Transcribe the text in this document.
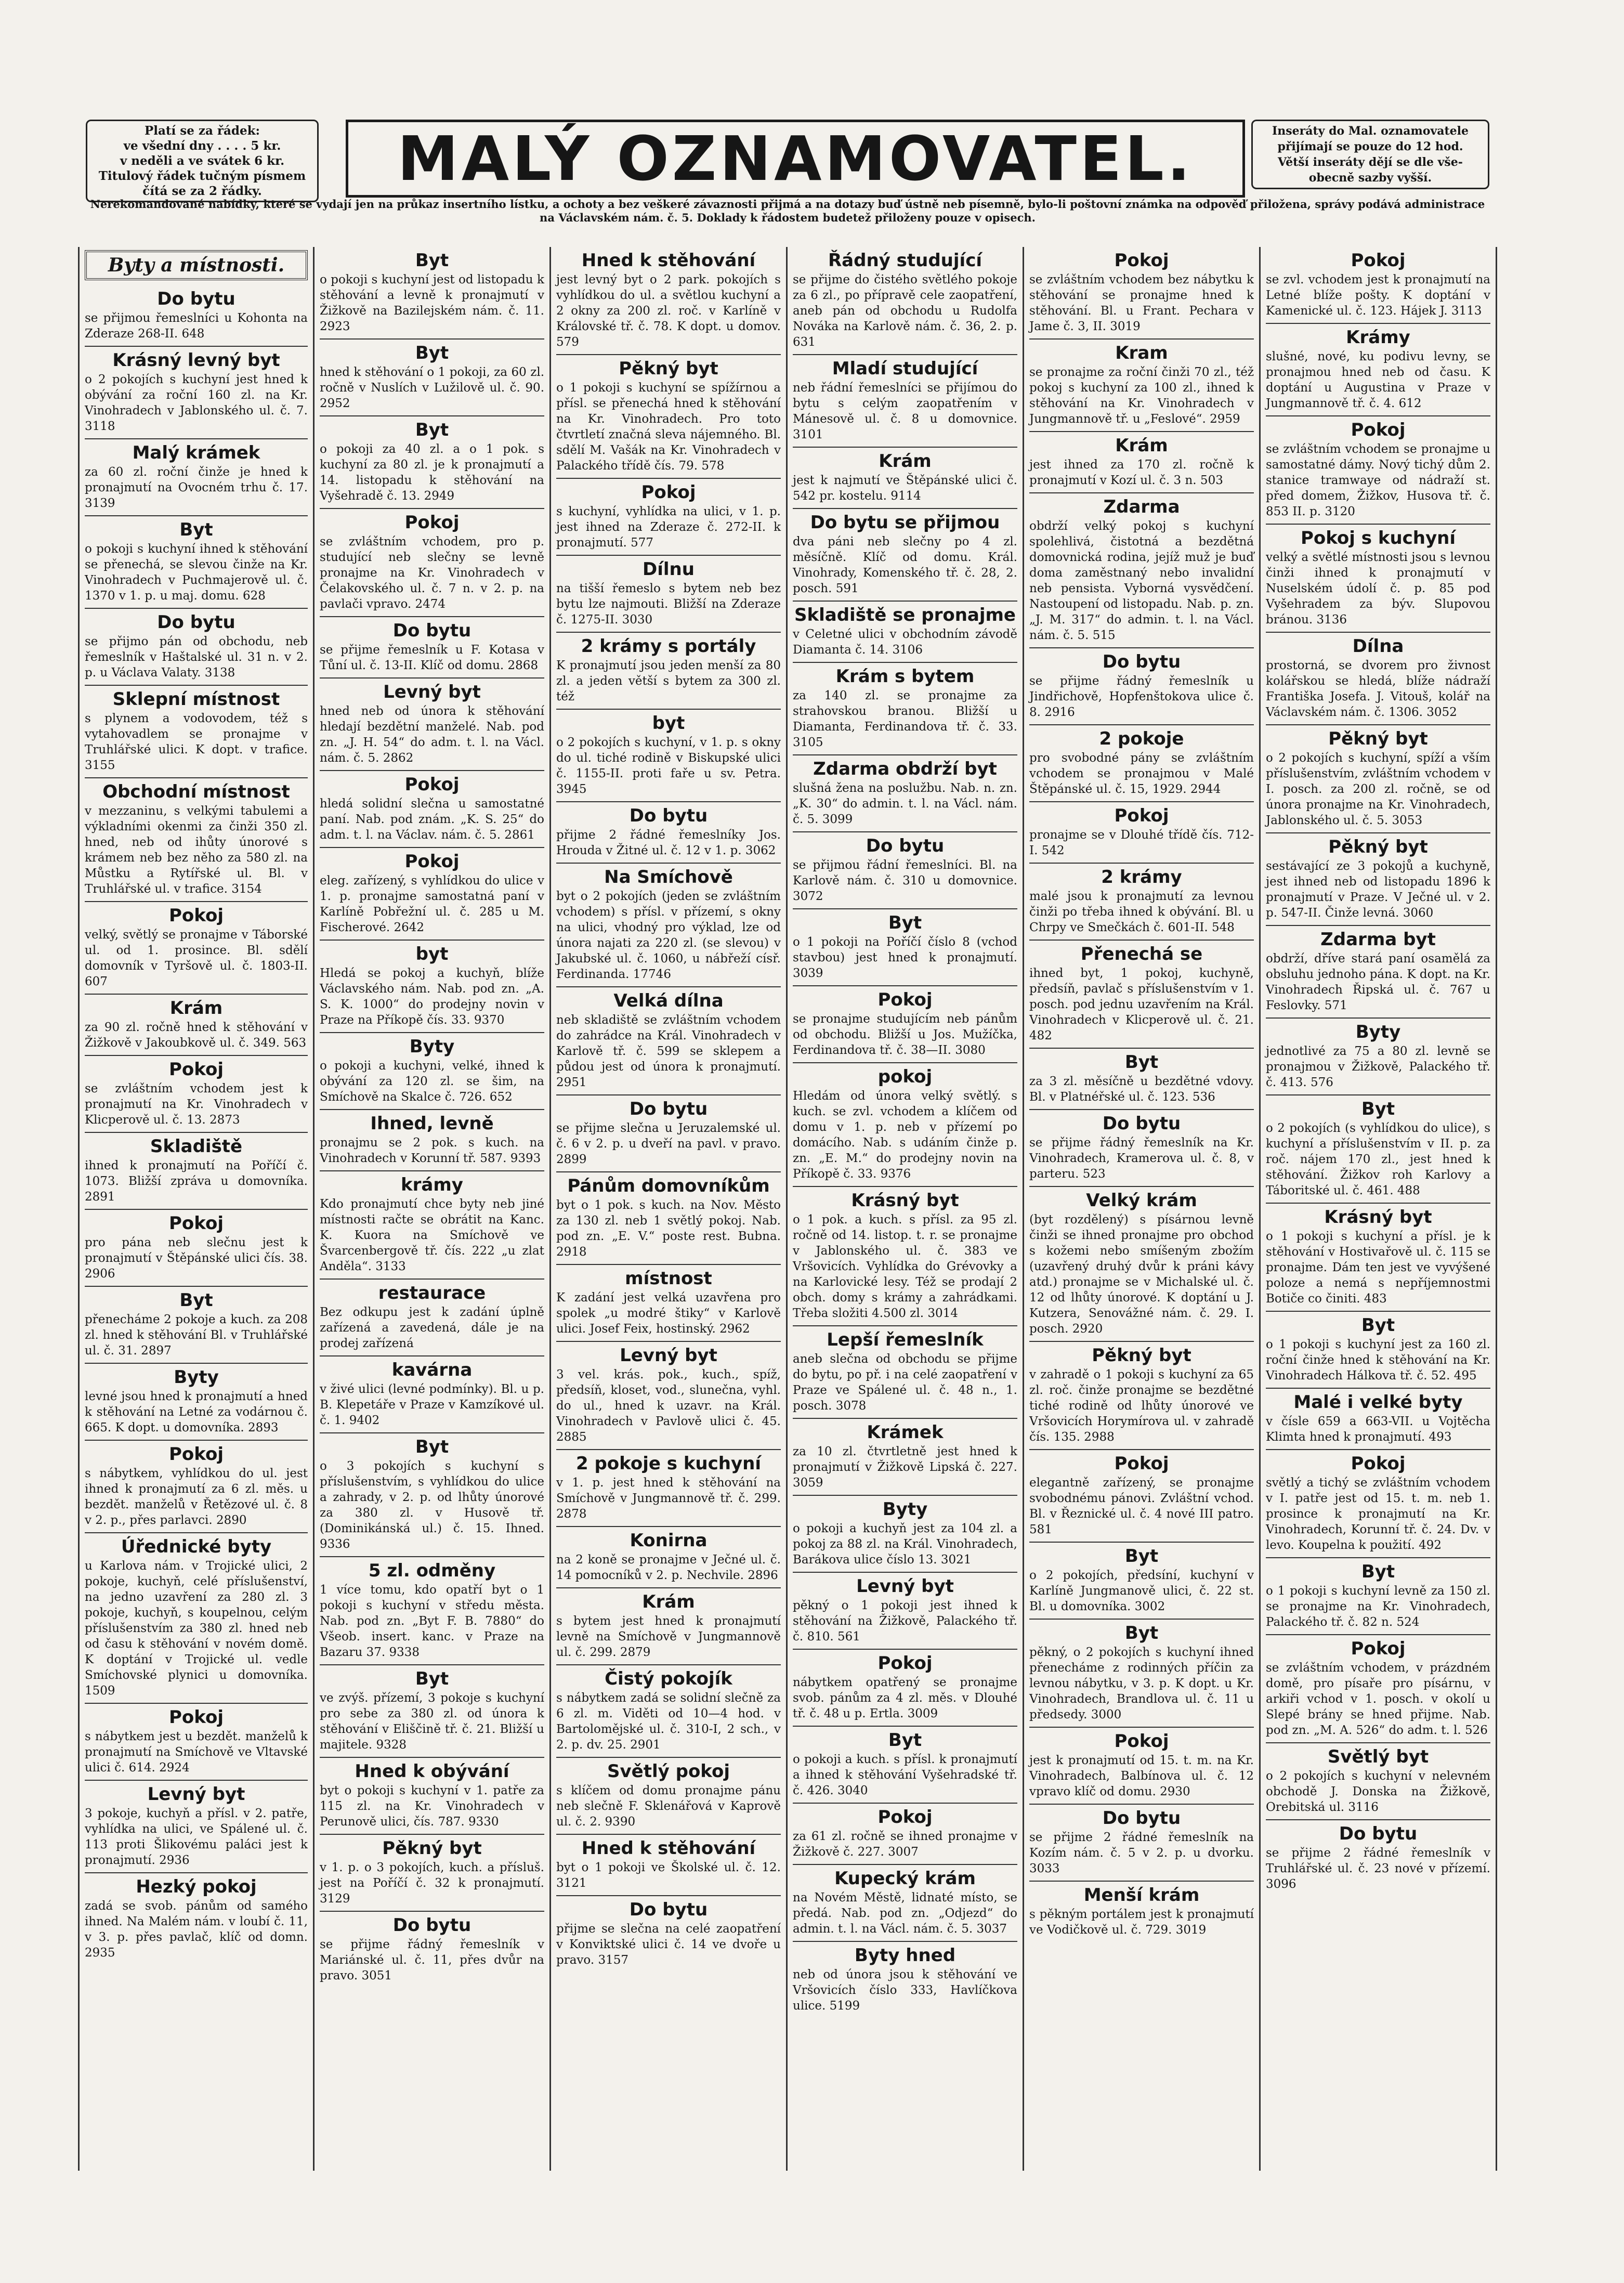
Platí se za řádek:
ve všední dny . . . . 5 kr.
v neděli a ve svátek 6 kr.
Titulový řádek tučným písmem
čítá se za 2 řádky.	MALÝ OZNAMOVATEL.	Inseráty do Mal. oznamovatele
přijímají se pouze do 12 hod.
Větší inseráty dějí se dle vše-
obecně sazby vyšší.
Nerekomandované nabídky, které se vydají jen na průkaz insertního lístku, a ochoty a bez veškeré závaznosti přijmá a na dotazy buď ústně neb písemně, bylo-li poštovní známka na odpověď přiložena, správy podává administrace na Václavském nám. č. 5. Doklady k řádostem budetež přiloženy pouze v opisech.
Byty a místnosti.
Do bytu
se přijmou řemeslníci u Kohonta na Zderaze 268-II. 648
Krásný levný byt
o 2 pokojích s kuchyní jest hned k obývání za roční 160 zl. na Kr. Vinohradech v Jablonského ul. č. 7. 3118
Malý krámek
za 60 zl. roční činže je hned k pronajmutí na Ovocném trhu č. 17. 3139
Byt
o pokoji s kuchyní ihned k stěhování se přenechá, se slevou činže na Kr. Vinohradech v Puchmajerově ul. č. 1370 v 1. p. u maj. domu. 628
Do bytu
se přijmo pán od obchodu, neb řemeslník v Haštalské ul. 31 n. v 2. p. u Václava Valaty. 3138
Sklepní místnost
s plynem a vodovodem, též s vytahovadlem se pronajme v Truhlářské ulici. K dopt. v trafice. 3155
Obchodní místnost
v mezzaninu, s velkými tabulemi a výkladními okenmi za činži 350 zl. hned, neb od ihůty únorové s krámem neb bez něho za 580 zl. na Můstku a Rytířské ul. Bl. v Truhlářské ul. v trafice. 3154
Pokoj
velký, světlý se pronajme v Táborské ul. od 1. prosince. Bl. sdělí domovník v Tyršově ul. č. 1803-II. 607
Krám
za 90 zl. ročně hned k stěhování v Žižkově v Jakoubkově ul. č. 349. 563
Pokoj
se zvláštním vchodem jest k pronajmutí na Kr. Vinohradech v Klicperově ul. č. 13. 2873
Skladiště
ihned k pronajmutí na Poříčí č. 1073. Bližší zpráva u domovníka. 2891
Pokoj
pro pána neb slečnu jest k pronajmutí v Štěpánské ulici čís. 38. 2906
Byt
přenecháme 2 pokoje a kuch. za 208 zl. hned k stěhování Bl. v Truhlářské ul. č. 31. 2897
Byty
levné jsou hned k pronajmutí a hned k stěhování na Letné za vodárnou č. 665. K dopt. u domovníka. 2893
Pokoj
s nábytkem, vyhlídkou do ul. jest ihned k pronajmutí za 6 zl. měs. u bezdět. manželů v Řetězové ul. č. 8 v 2. p., přes parlavci. 2890
Úřednické byty
u Karlova nám. v Trojické ulici, 2 pokoje, kuchyň, celé příslušenství, na jedno uzavření za 280 zl. 3 pokoje, kuchyň, s koupelnou, celým příslušenstvím za 380 zl. hned neb od času k stěhování v novém domě. K doptání v Trojické ul. vedle Smíchovské plynici u domovníka. 1509
Pokoj
s nábytkem jest u bezdět. manželů k pronajmutí na Smíchově ve Vltavské ulici č. 614. 2924
Levný byt
3 pokoje, kuchyň a přísl. v 2. patře, vyhlídka na ulici, ve Spálené ul. č. 113 proti Šlikovému paláci jest k pronajmutí. 2936
Hezký pokoj
zadá se svob. pánům od samého ihned. Na Malém nám. v loubí č. 11, v 3. p. přes pavlač, klíč od domn. 2935
Byt
o pokoji s kuchyní jest od listopadu k stěhování a levně k pronajmutí v Žižkově na Bazilejském nám. č. 11. 2923
Byt
hned k stěhování o 1 pokoji, za 60 zl. ročně v Nuslích v Lužilově ul. č. 90. 2952
Byt
o pokoji za 40 zl. a o 1 pok. s kuchyní za 80 zl. je k pronajmutí a 14. listopadu k stěhování na Vyšehradě č. 13. 2949
Pokoj
se zvláštním vchodem, pro p. studující neb slečny se levně pronajme na Kr. Vinohradech v Čelakovského ul. č. 7 n. v 2. p. na pavlači vpravo. 2474
Do bytu
se přijme řemeslník u F. Kotasa v Tůní ul. č. 13-II. Klíč od domu. 2868
Levný byt
hned neb od února k stěhování hledají bezdětní manželé. Nab. pod zn. „J. H. 54“ do adm. t. l. na Václ. nám. č. 5. 2862
Pokoj
hledá solidní slečna u samostatné paní. Nab. pod znám. „K. S. 25“ do adm. t. l. na Václav. nám. č. 5. 2861
Pokoj
eleg. zařízený, s vyhlídkou do ulice v 1. p. pronajme samostatná paní v Karlíně Pobřežní ul. č. 285 u M. Fischerové. 2642
byt
Hledá se pokoj a kuchyň, blíže Václavského nám. Nab. pod zn. „A. S. K. 1000“ do prodejny novin v Praze na Příkopě čís. 33. 9370
Byty
o pokoji a kuchyni, velké, ihned k obývání za 120 zl. se šim, na Smíchově na Skalce č. 726. 652
Ihned, levně
pronajmu se 2 pok. s kuch. na Vinohradech v Korunní tř. 587. 9393
krámy
Kdo pronajmutí chce byty neb jiné místnosti račte se obrátit na Kanc. K. Kuora na Smíchově ve Švarcenbergově tř. čís. 222 „u zlat Anděla“. 3133
restaurace
Bez odkupu jest k zadání úplně zařízená a zavedená, dále je na prodej zařízená
kavárna
v živé ulici (levné podmínky). Bl. u p. B. Klepetáře v Praze v Kamzíkové ul. č. 1. 9402
Byt
o 3 pokojích s kuchyní s příslušenstvím, s vyhlídkou do ulice a zahrady, v 2. p. od lhůty únorové za 380 zl. v Husově tř. (Dominikánská ul.) č. 15. Ihned. 9336
5 zl. odměny
1 více tomu, kdo opatří byt o 1 pokoji s kuchyní v středu města. Nab. pod zn. „Byt F. B. 7880“ do Všeob. insert. kanc. v Praze na Bazaru 37. 9338
Byt
ve zvýš. přízemí, 3 pokoje s kuchyní pro sebe za 380 zl. od února k stěhování v Eliščině tř. č. 21. Bližší u majitele. 9328
Hned k obývání
byt o pokoji s kuchyní v 1. patře za 115 zl. na Kr. Vinohradech v Perunově ulici, čís. 787. 9330
Pěkný byt
v 1. p. o 3 pokojích, kuch. a přísluš. jest na Poříčí č. 32 k pronajmutí. 3129
Do bytu
se přijme řádný řemeslník v Mariánské ul. č. 11, přes dvůr na pravo. 3051
Hned k stěhování
jest levný byt o 2 park. pokojích s vyhlídkou do ul. a světlou kuchyní a 2 okny za 200 zl. roč. v Karlíně v Královské tř. č. 78. K dopt. u domov. 579
Pěkný byt
o 1 pokoji s kuchyní se spížírnou a přísl. se přenechá hned k stěhování na Kr. Vinohradech. Pro toto čtvrtletí značná sleva nájemného. Bl. sdělí M. Vašák na Kr. Vinohradech v Palackého třídě čís. 79. 578
Pokoj
s kuchyní, vyhlídka na ulici, v 1. p. jest ihned na Zderaze č. 272-II. k pronajmutí. 577
Dílnu
na tišší řemeslo s bytem neb bez bytu lze najmouti. Bližší na Zderaze č. 1275-II. 3030
2 krámy s portály
K pronajmutí jsou jeden menší za 80 zl. a jeden větší s bytem za 300 zl. též
byt
o 2 pokojích s kuchyní, v 1. p. s okny do ul. tiché rodině v Biskupské ulici č. 1155-II. proti faře u sv. Petra. 3945
Do bytu
přijme 2 řádné řemeslníky Jos. Hrouda v Žitné ul. č. 12 v 1. p. 3062
Na Smíchově
byt o 2 pokojích (jeden se zvláštním vchodem) s přísl. v přízemí, s okny na ulici, vhodný pro výklad, lze od února najati za 220 zl. (se slevou) v Jakubské ul. č. 1060, u nábřeží císř. Ferdinanda. 17746
Velká dílna
neb skladiště se zvláštním vchodem do zahrádce na Král. Vinohradech v Karlově tř. č. 599 se sklepem a půdou jest od února k pronajmutí. 2951
Do bytu
se přijme slečna u Jeruzalemské ul. č. 6 v 2. p. u dveří na pavl. v pravo. 2899
Pánům domovníkům
byt o 1 pok. s kuch. na Nov. Město za 130 zl. neb 1 světlý pokoj. Nab. pod zn. „E. V.“ poste rest. Bubna. 2918
místnost
K zadání jest velká uzavřena pro spolek „u modré štiky“ v Karlově ulici. Josef Feix, hostinský. 2962
Levný byt
3 vel. krás. pok., kuch., spíž, předsíň, kloset, vod., slunečna, vyhl. do ul., hned k uzavr. na Král. Vinohradech v Pavlově ulici č. 45. 2885
2 pokoje s kuchyní
v 1. p. jest hned k stěhování na Smíchově v Jungmannově tř. č. 299. 2878
Konirna
na 2 koně se pronajme v Ječné ul. č. 14 pomocníků v 2. p. Nechvile. 2896
Krám
s bytem jest hned k pronajmutí levně na Smíchově v Jungmannově ul. č. 299. 2879
Čistý pokojík
s nábytkem zadá se solidní slečně za 6 zl. m. Viděti od 10—4 hod. v Bartolomějské ul. č. 310-I, 2 sch., v 2. p. dv. 25. 2901
Světlý pokoj
s klíčem od domu pronajme pánu neb slečně F. Sklenářová v Kaprově ul. č. 2. 9390
Hned k stěhování
byt o 1 pokoji ve Školské ul. č. 12. 3121
Do bytu
přijme se slečna na celé zaopatření v Konviktské ulici č. 14 ve dvoře u pravo. 3157
Řádný studující
se přijme do čistého světlého pokoje za 6 zl., po přípravě cele zaopatření, aneb pán od obchodu u Rudolfa Nováka na Karlově nám. č. 36, 2. p. 631
Mladí studující
neb řádní řemeslníci se přijímou do bytu s celým zaopatřením v Mánesově ul. č. 8 u domovnice. 3101
Krám
jest k najmutí ve Štěpánské ulici č. 542 pr. kostelu. 9114
Do bytu se přijmou
dva páni neb slečny po 4 zl. měsíčně. Klíč od domu. Král. Vinohrady, Komenského tř. č. 28, 2. posch. 591
Skladiště se pronajme
v Celetné ulici v obchodním závodě Diamanta č. 14. 3106
Krám s bytem
za 140 zl. se pronajme za strahovskou branou. Bližší u Diamanta, Ferdinandova tř. č. 33. 3105
Zdarma obdrží byt
slušná žena na poslužbu. Nab. n. zn. „K. 30“ do admin. t. l. na Václ. nám. č. 5. 3099
Do bytu
se přijmou řádní řemeslníci. Bl. na Karlově nám. č. 310 u domovnice. 3072
Byt
o 1 pokoji na Poříčí číslo 8 (vchod stavbou) jest hned k pronajmutí. 3039
Pokoj
se pronajme studujícím neb pánům od obchodu. Bližší u Jos. Mužíčka, Ferdinandova tř. č. 38—II. 3080
pokoj
Hledám od února velký světlý. s kuch. se zvl. vchodem a klíčem od domu v 1. p. neb v přízemí po domácího. Nab. s udáním činže p. zn. „E. M.“ do prodejny novin na Příkopě č. 33. 9376
Krásný byt
o 1 pok. a kuch. s přísl. za 95 zl. ročně od 14. listop. t. r. se pronajme v Jablonského ul. č. 383 ve Vršovicích. Vyhlídka do Grévovky a na Karlovické lesy. Též se prodají 2 obch. domy s krámy a zahrádkami. Třeba složiti 4.500 zl. 3014
Lepší řemeslník
aneb slečna od obchodu se přijme do bytu, po př. i na celé zaopatření v Praze ve Spálené ul. č. 48 n., 1. posch. 3078
Krámek
za 10 zl. čtvrtletně jest hned k pronajmutí v Žižkově Lipská č. 227. 3059
Byty
o pokoji a kuchyň jest za 104 zl. a pokoj za 88 zl. na Král. Vinohradech, Barákova ulice číslo 13. 3021
Levný byt
pěkný o 1 pokoji jest ihned k stěhování na Žižkově, Palackého tř. č. 810. 561
Pokoj
nábytkem opatřený se pronajme svob. pánům za 4 zl. měs. v Dlouhé tř. č. 48 u p. Ertla. 3009
Byt
o pokoji a kuch. s přísl. k pronajmutí a ihned k stěhování Vyšehradské tř. č. 426. 3040
Pokoj
za 61 zl. ročně se ihned pronajme v Žižkově č. 227. 3007
Kupecký krám
na Novém Městě, lidnaté místo, se předá. Nab. pod zn. „Odjezd“ do admin. t. l. na Václ. nám. č. 5. 3037
Byty hned
neb od února jsou k stěhování ve Vršovicích číslo 333, Havlíčkova ulice. 5199
Pokoj
se zvláštním vchodem bez nábytku k stěhování se pronajme hned k stěhování. Bl. u Frant. Pechara v Jame č. 3, II. 3019
Kram
se pronajme za roční činži 70 zl., též pokoj s kuchyní za 100 zl., ihned k stěhování na Kr. Vinohradech v Jungmannově tř. u „Feslové“. 2959
Krám
jest ihned za 170 zl. ročně k pronajmutí v Kozí ul. č. 3 n. 503
Zdarma
obdrží velký pokoj s kuchyní spolehlivá, čistotná a bezdětná domovnická rodina, jejíž muž je buď doma zaměstnaný nebo invalidní neb pensista. Vyborná vysvědčení. Nastoupení od listopadu. Nab. p. zn. „J. M. 317“ do admin. t. l. na Václ. nám. č. 5. 515
Do bytu
se přijme řádný řemeslník u Jindřichově, Hopfenštokova ulice č. 8. 2916
2 pokoje
pro svobodné pány se zvláštním vchodem se pronajmou v Malé Štěpánské ul. č. 15, 1929. 2944
Pokoj
pronajme se v Dlouhé třídě čís. 712-I. 542
2 krámy
malé jsou k pronajmutí za levnou činži po třeba ihned k obývání. Bl. u Chrpy ve Smečkách č. 601-II. 548
Přenechá se
ihned byt, 1 pokoj, kuchyně, předsíň, pavlač s příslušenstvím v 1. posch. pod jednu uzavřením na Král. Vinohradech v Klicperově ul. č. 21. 482
Byt
za 3 zl. měsíčně u bezdětné vdovy. Bl. v Platnéřské ul. č. 123. 536
Do bytu
se přijme řádný řemeslník na Kr. Vinohradech, Kramerova ul. č. 8, v parteru. 523
Velký krám
(byt rozdělený) s písárnou levně činži se ihned pronajme pro obchod s kožemi nebo smíšeným zbožím (uzavřený druhý dvůr k práni kávy atd.) pronajme se v Michalské ul. č. 12 od lhůty únorové. K doptání u J. Kutzera, Senovážné nám. č. 29. I. posch. 2920
Pěkný byt
v zahradě o 1 pokoji s kuchyní za 65 zl. roč. činže pronajme se bezdětné tiché rodině od lhůty únorové ve Vršovicích Horymírova ul. v zahradě čís. 135. 2988
Pokoj
elegantně zařízený, se pronajme svobodnému pánovi. Zvláštní vchod. Bl. v Řeznické ul. č. 4 nové III patro. 581
Byt
o 2 pokojích, předsíní, kuchyní v Karlíně Jungmanově ulici, č. 22 st. Bl. u domovníka. 3002
Byt
pěkný, o 2 pokojích s kuchyní ihned přenecháme z rodinných příčin za levnou nábytku, v 3. p. K dopt. u Kr. Vinohradech, Brandlova ul. č. 11 u předsedy. 3000
Pokoj
jest k pronajmutí od 15. t. m. na Kr. Vinohradech, Balbínova ul. č. 12 vpravo klíč od domu. 2930
Do bytu
se přijme 2 řádné řemeslník na Kozím nám. č. 5 v 2. p. u dvorku. 3033
Menší krám
s pěkným portálem jest k pronajmutí ve Vodičkově ul. č. 729. 3019
Pokoj
se zvl. vchodem jest k pronajmutí na Letné blíže pošty. K doptání v Kamenické ul. č. 123. Hájek J. 3113
Krámy
slušné, nové, ku podivu levny, se pronajmou hned neb od času. K doptání u Augustina v Praze v Jungmannově tř. č. 4. 612
Pokoj
se zvláštním vchodem se pronajme u samostatné dámy. Nový tichý dům 2. stanice tramwaye od nádraží st. před domem, Žižkov, Husova tř. č. 853 II. p. 3120
Pokoj s kuchyní
velký a světlé místnosti jsou s levnou činži ihned k pronajmutí v Nuselském údolí č. p. 85 pod Vyšehradem za býv. Slupovou bránou. 3136
Dílna
prostorná, se dvorem pro živnost kolářskou se hledá, blíže nádraží Františka Josefa. J. Vitouš, kolář na Václavském nám. č. 1306. 3052
Pěkný byt
o 2 pokojích s kuchyní, spíží a vším příslušenstvím, zvláštním vchodem v I. posch. za 200 zl. ročně, se od února pronajme na Kr. Vinohradech, Jablonského ul. č. 5. 3053
Pěkný byt
sestávající ze 3 pokojů a kuchyně, jest ihned neb od listopadu 1896 k pronajmutí v Praze. V Ječné ul. v 2. p. 547-II. Činže levná. 3060
Zdarma byt
obdrží, dříve stará paní osamělá za obsluhu jednoho pána. K dopt. na Kr. Vinohradech Řipská ul. č. 767 u Feslovky. 571
Byty
jednotlivé za 75 a 80 zl. levně se pronajmou v Žižkově, Palackého tř. č. 413. 576
Byt
o 2 pokojích (s vyhlídkou do ulice), s kuchyní a příslušenstvím v II. p. za roč. nájem 170 zl., jest hned k stěhování. Žižkov roh Karlovy a Táboritské ul. č. 461. 488
Krásný byt
o 1 pokoji s kuchyní a přísl. je k stěhování v Hostivařově ul. č. 115 se pronajme. Dám ten jest ve vyvýšené poloze a nemá s nepříjemnostmi Botiče co činiti. 483
Byt
o 1 pokoji s kuchyní jest za 160 zl. roční činže hned k stěhování na Kr. Vinohradech Hálkova tř. č. 52. 495
Malé i velké byty
v čísle 659 a 663-VII. u Vojtěcha Klimta hned k pronajmutí. 493
Pokoj
světlý a tichý se zvláštním vchodem v I. patře jest od 15. t. m. neb 1. prosince k pronajmutí na Kr. Vinohradech, Korunní tř. č. 24. Dv. v levo. Koupelna k použití. 492
Byt
o 1 pokoji s kuchyní levně za 150 zl. se pronajme na Kr. Vinohradech, Palackého tř. č. 82 n. 524
Pokoj
se zvláštním vchodem, v prázdném domě, pro písaře pro písárnu, v arkiři vchod v 1. posch. v okolí u Slepé brány se hned přijme. Nab. pod zn. „M. A. 526“ do adm. t. l. 526
Světlý byt
o 2 pokojích s kuchyní v nelevném obchodě J. Donska na Žižkově, Orebitská ul. 3116
Do bytu
se přijme 2 řádné řemeslník v Truhlářské ul. č. 23 nové v přízemí. 3096
